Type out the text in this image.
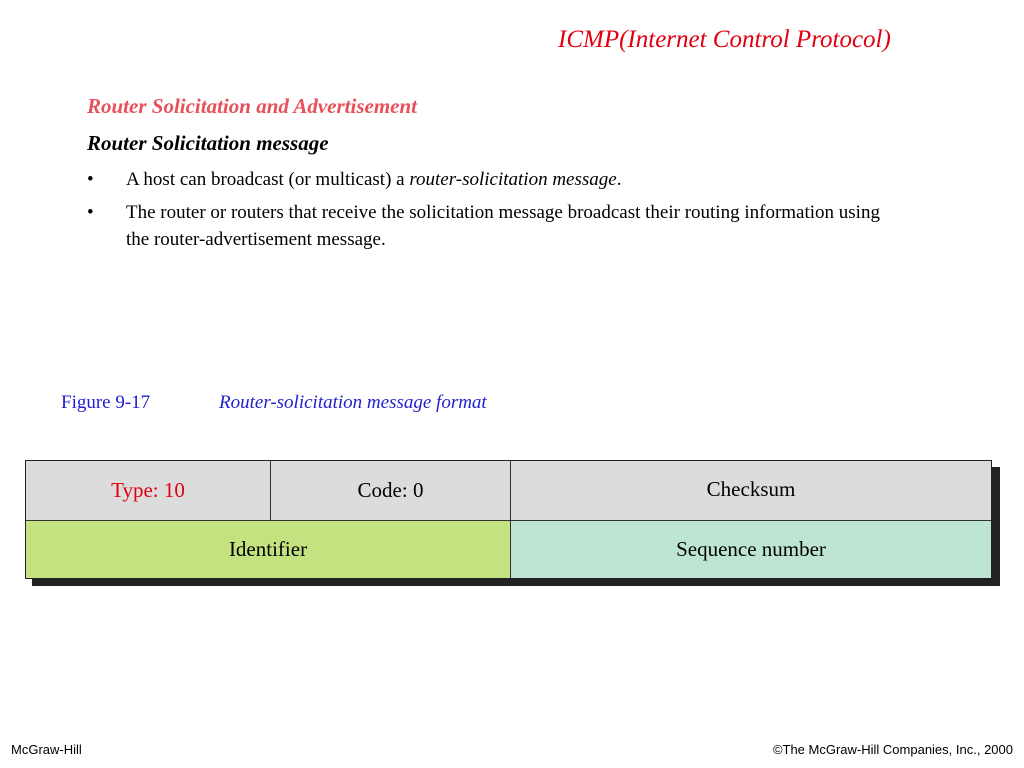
ICMP(Internet Control Protocol)
Router Solicitation and Advertisement
Router Solicitation message
• A host can broadcast (or multicast) a router-solicitation message.
• The router or routers that receive the solicitation message broadcast their routing information using the router-advertisement message.
Figure 9-17	Router-solicitation message format
Type: 10	Code: 0	Checksum
Identifier	Sequence number
McGraw-Hill	©The McGraw-Hill Companies, Inc., 2000
